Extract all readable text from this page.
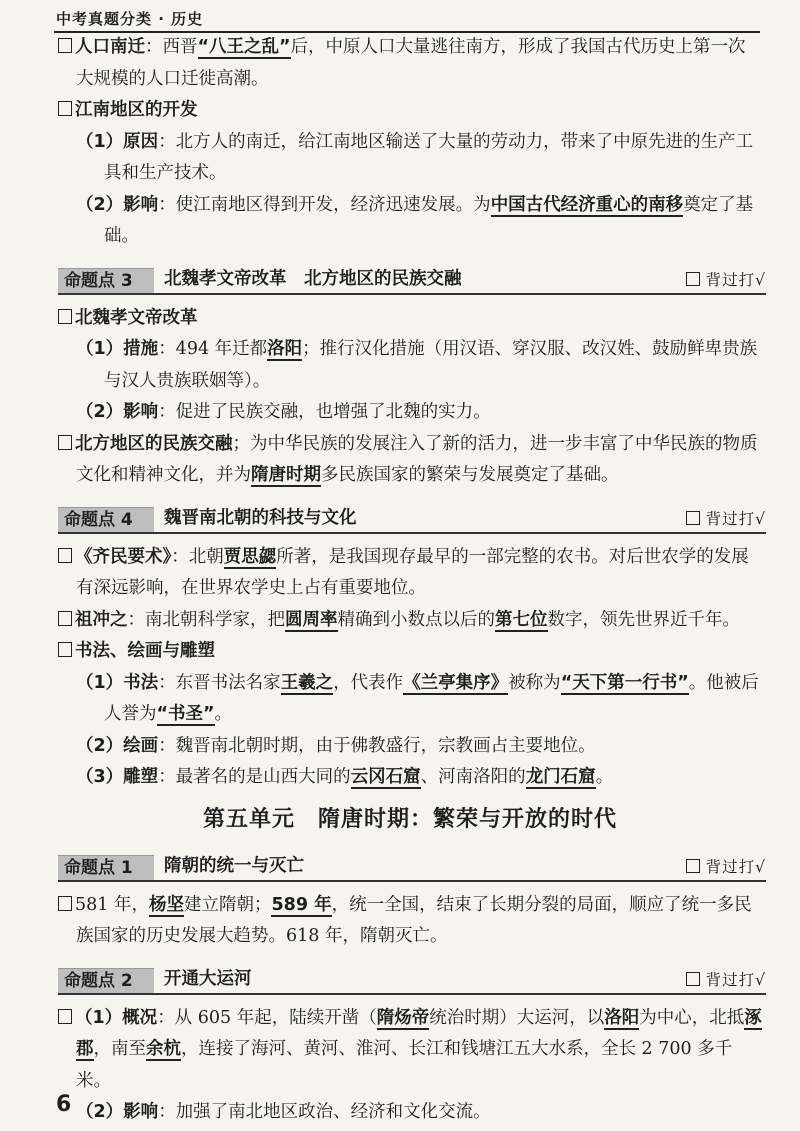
中考真题分类 · 历史

人口南迁：西晋“八王之乱”后，中原人口大量逃往南方，形成了我国古代历史上第一次大规模的人口迁徙高潮。

江南地区的开发

（1）原因：北方人的南迁，给江南地区输送了大量的劳动力，带来了中原先进的生产工具和生产技术。

（2）影响：使江南地区得到开发，经济迅速发展。为中国古代经济重心的南移奠定了基础。

命题点 3	北魏孝文帝改革　北方地区的民族交融	背过打√

北魏孝文帝改革

（1）措施：494 年迁都洛阳；推行汉化措施（用汉语、穿汉服、改汉姓、鼓励鲜卑贵族与汉人贵族联姻等）。

（2）影响：促进了民族交融，也增强了北魏的实力。

北方地区的民族交融；为中华民族的发展注入了新的活力，进一步丰富了中华民族的物质文化和精神文化，并为隋唐时期多民族国家的繁荣与发展奠定了基础。

命题点 4	魏晋南北朝的科技与文化	背过打√

《齐民要术》：北朝贾思勰所著，是我国现存最早的一部完整的农书。对后世农学的发展有深远影响，在世界农学史上占有重要地位。

祖冲之：南北朝科学家，把圆周率精确到小数点以后的第七位数字，领先世界近千年。

书法、绘画与雕塑

（1）书法：东晋书法名家王羲之，代表作《兰亭集序》被称为“天下第一行书”。他被后人誉为“书圣”。

（2）绘画：魏晋南北朝时期，由于佛教盛行，宗教画占主要地位。

（3）雕塑：最著名的是山西大同的云冈石窟、河南洛阳的龙门石窟。

第五单元　隋唐时期：繁荣与开放的时代
命题点 1	隋朝的统一与灭亡	背过打√

581 年，杨坚建立隋朝；589 年，统一全国，结束了长期分裂的局面，顺应了统一多民族国家的历史发展大趋势。618 年，隋朝灭亡。

命题点 2	开通大运河	背过打√

（1）概况：从 605 年起，陆续开凿（隋炀帝统治时期）大运河，以洛阳为中心，北抵涿郡，南至余杭，连接了海河、黄河、淮河、长江和钱塘江五大水系，全长 2 700 多千米。

（2）影响：加强了南北地区政治、经济和文化交流。

6
